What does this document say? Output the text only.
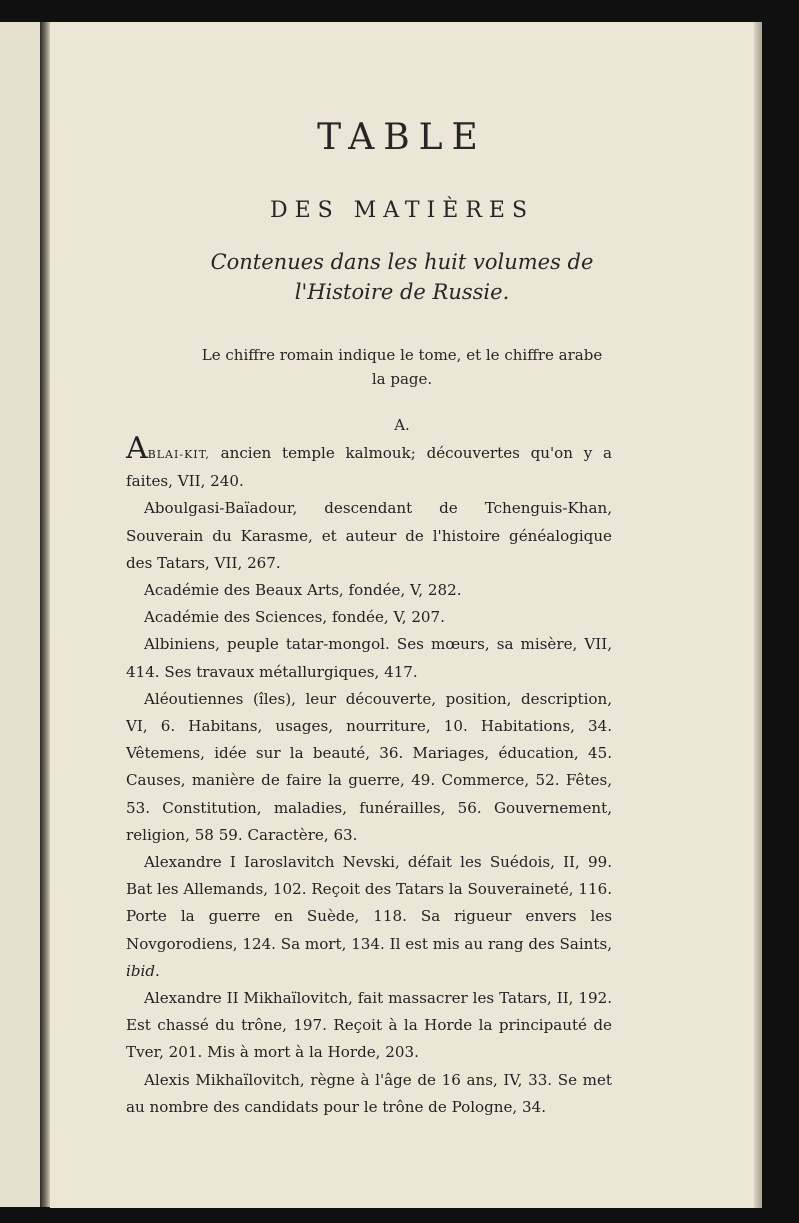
TABLE
DES MATIÈRES
Contenues dans les huit volumes de
l'Histoire de Russie.
Le chiffre romain indique le tome, et le chiffre arabe
la page.
A.

ABLAI-KIT, ancien temple kalmouk; découvertes qu'on y a faites, VII, 240.

Aboulgasi-Baïadour, descendant de Tchenguis-Khan, Souverain du Karasme, et auteur de l'histoire généalogique des Tatars, VII, 267.

Académie des Beaux Arts, fondée, V, 282.

Académie des Sciences, fondée, V, 207.

Albiniens, peuple tatar-mongol. Ses mœurs, sa misère, VII, 414. Ses travaux métallurgiques, 417.

Aléoutiennes (îles), leur découverte, position, description, VI, 6. Habitans, usages, nourriture, 10. Habitations, 34. Vêtemens, idée sur la beauté, 36. Mariages, éducation, 45. Causes, manière de faire la guerre, 49. Commerce, 52. Fêtes, 53. Constitution, maladies, funérailles, 56. Gouvernement, religion, 58 59. Caractère, 63.

Alexandre I Iaroslavitch Nevski, défait les Suédois, II, 99. Bat les Allemands, 102. Reçoit des Tatars la Souveraineté, 116. Porte la guerre en Suède, 118. Sa rigueur envers les Novgorodiens, 124. Sa mort, 134. Il est mis au rang des Saints, ibid.

Alexandre II Mikhaïlovitch, fait massacrer les Tatars, II, 192. Est chassé du trône, 197. Reçoit à la Horde la principauté de Tver, 201. Mis à mort à la Horde, 203.

Alexis Mikhaïlovitch, règne à l'âge de 16 ans, IV, 33. Se met au nombre des candidats pour le trône de Pologne, 34.
